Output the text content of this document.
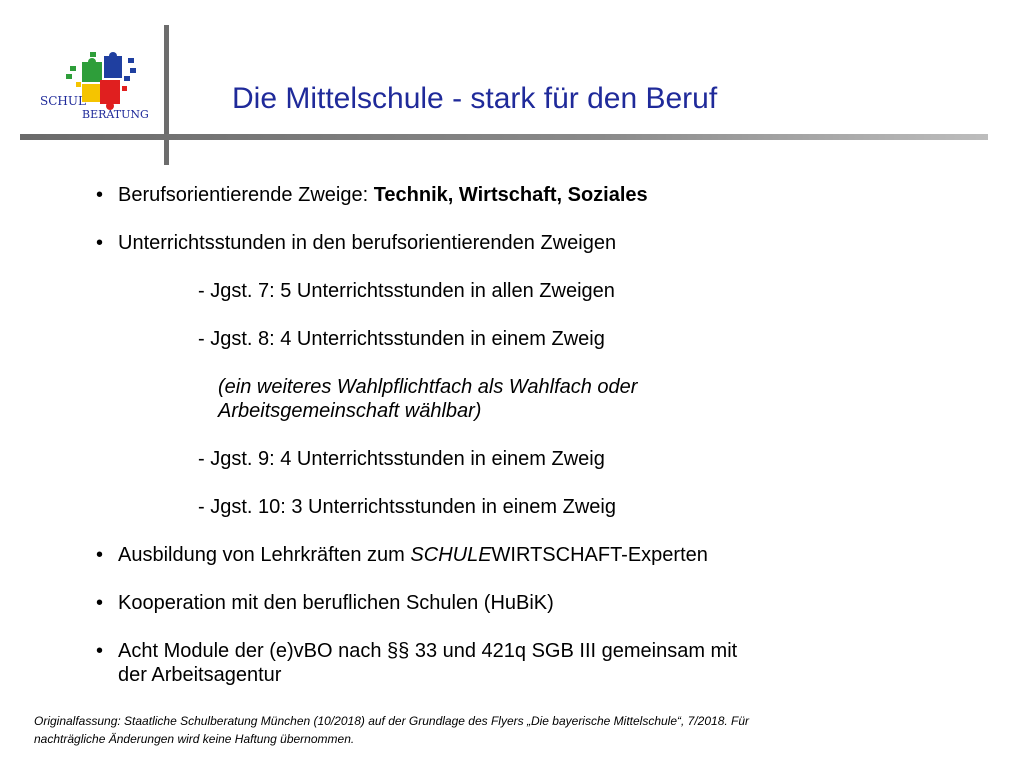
SCHUL
BERATUNG	Die Mittelschule - stark für den Beruf
• Berufsorientierende Zweige: Technik, Wirtschaft, Soziales
• Unterrichtsstunden in den berufsorientierenden Zweigen
- Jgst. 7: 5 Unterrichtsstunden in allen Zweigen
- Jgst. 8: 4 Unterrichtsstunden in einem Zweig
(ein weiteres Wahlpflichtfach als Wahlfach oder
Arbeitsgemeinschaft wählbar)
- Jgst. 9: 4 Unterrichtsstunden in einem Zweig
- Jgst. 10: 3 Unterrichtsstunden in einem Zweig
• Ausbildung von Lehrkräften zum SCHULEWIRTSCHAFT-Experten
• Kooperation mit den beruflichen Schulen (HuBiK)
• Acht Module der (e)vBO nach §§ 33 und 421q SGB III gemeinsam mit
der Arbeitsagentur
Originalfassung: Staatliche Schulberatung München (10/2018) auf der Grundlage des Flyers „Die bayerische Mittelschule“, 7/2018. Für
nachträgliche Änderungen wird keine Haftung übernommen.
